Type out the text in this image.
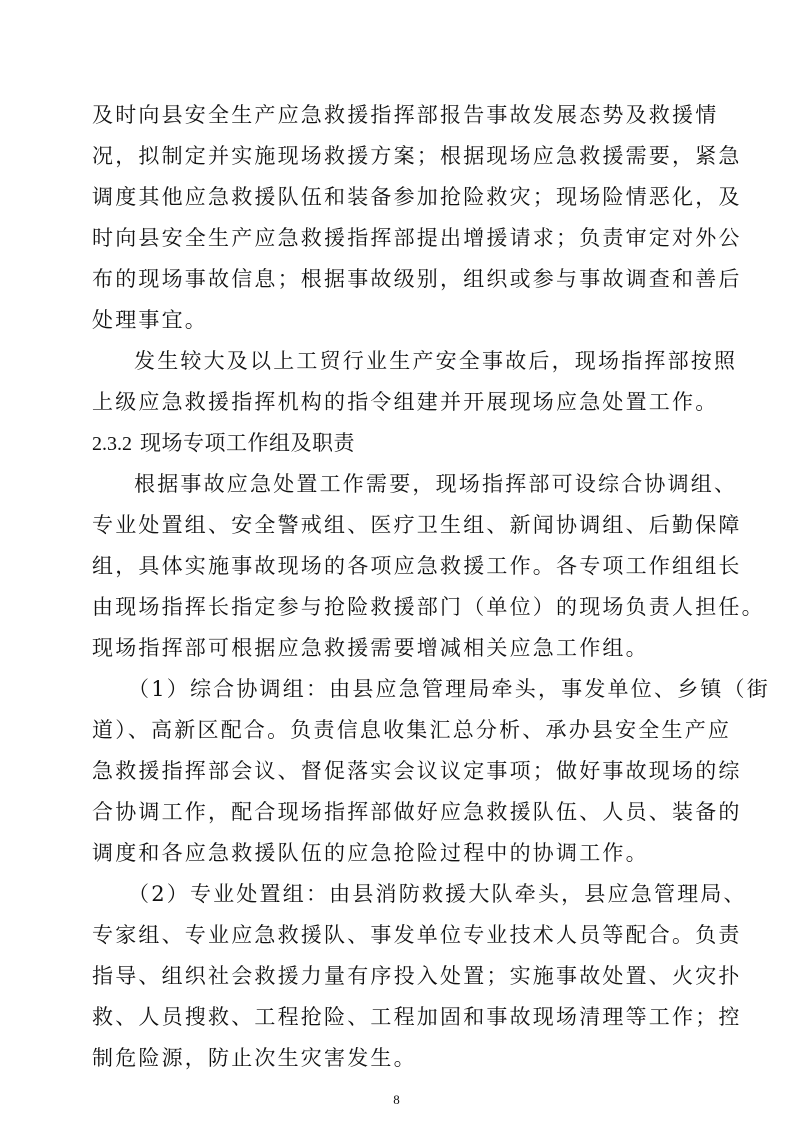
及时向县安全生产应急救援指挥部报告事故发展态势及救援情
况，拟制定并实施现场救援方案；根据现场应急救援需要，紧急
调度其他应急救援队伍和装备参加抢险救灾；现场险情恶化，及
时向县安全生产应急救援指挥部提出增援请求；负责审定对外公
布的现场事故信息；根据事故级别，组织或参与事故调查和善后
处理事宜。
发生较大及以上工贸行业生产安全事故后，现场指挥部按照
上级应急救援指挥机构的指令组建并开展现场应急处置工作。
2.3.2 现场专项工作组及职责
根据事故应急处置工作需要，现场指挥部可设综合协调组、
专业处置组、安全警戒组、医疗卫生组、新闻协调组、后勤保障
组，具体实施事故现场的各项应急救援工作。各专项工作组组长
由现场指挥长指定参与抢险救援部门（单位）的现场负责人担任。
现场指挥部可根据应急救援需要增减相关应急工作组。
（1）综合协调组：由县应急管理局牵头，事发单位、乡镇（街
道）、高新区配合。负责信息收集汇总分析、承办县安全生产应
急救援指挥部会议、督促落实会议议定事项；做好事故现场的综
合协调工作，配合现场指挥部做好应急救援队伍、人员、装备的
调度和各应急救援队伍的应急抢险过程中的协调工作。
（2）专业处置组：由县消防救援大队牵头，县应急管理局、
专家组、专业应急救援队、事发单位专业技术人员等配合。负责
指导、组织社会救援力量有序投入处置；实施事故处置、火灾扑
救、人员搜救、工程抢险、工程加固和事故现场清理等工作；控
制危险源，防止次生灾害发生。
8
